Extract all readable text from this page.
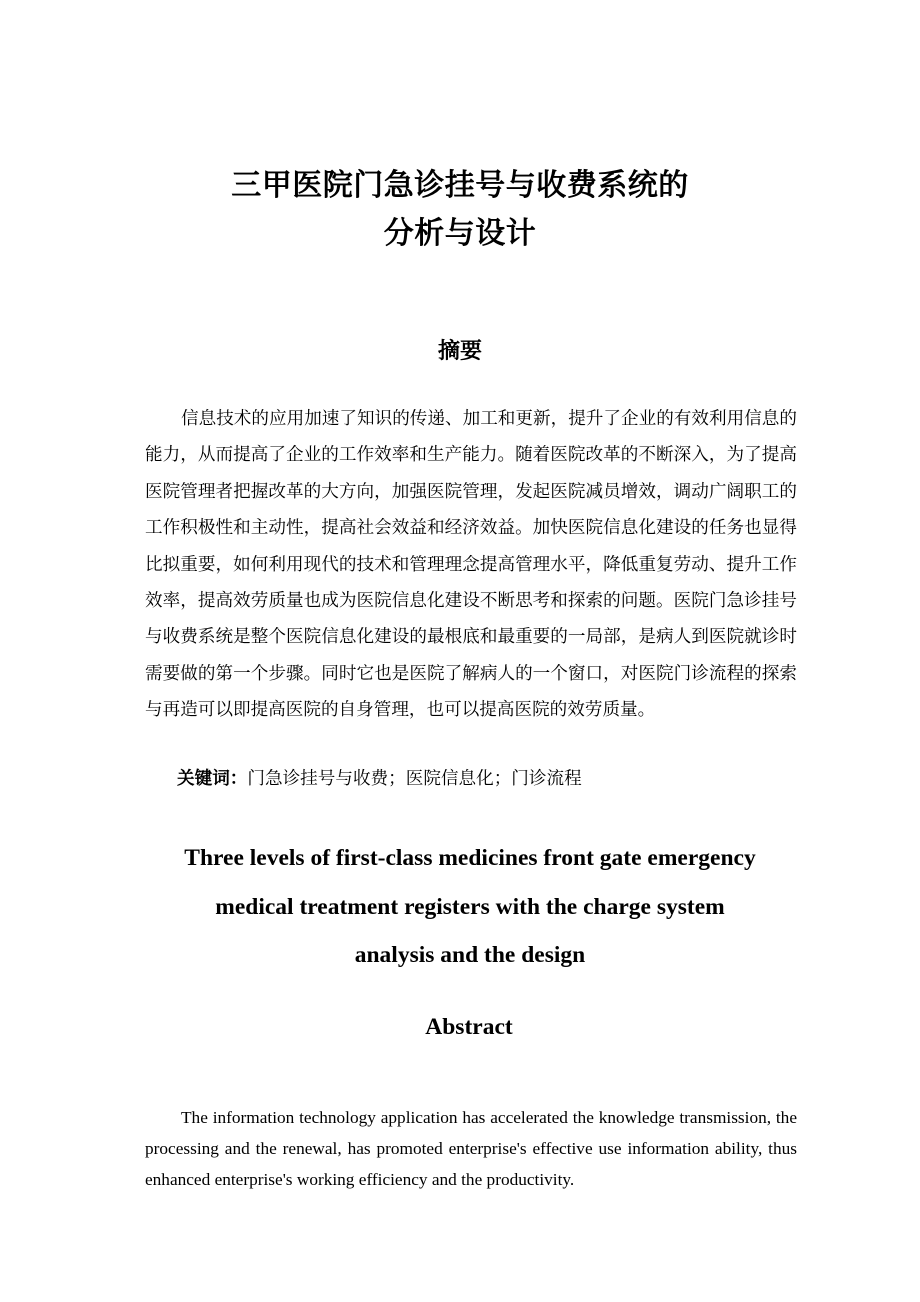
三甲医院门急诊挂号与收费系统的
分析与设计
摘要

信息技术的应用加速了知识的传递、加工和更新，提升了企业的有效利用信息的能力，从而提高了企业的工作效率和生产能力。随着医院改革的不断深入，为了提高医院管理者把握改革的大方向，加强医院管理，发起医院减员增效，调动广阔职工的工作积极性和主动性，提高社会效益和经济效益。加快医院信息化建设的任务也显得比拟重要，如何利用现代的技术和管理理念提高管理水平，降低重复劳动、提升工作效率，提高效劳质量也成为医院信息化建设不断思考和探索的问题。医院门急诊挂号与收费系统是整个医院信息化建设的最根底和最重要的一局部，是病人到医院就诊时需要做的第一个步骤。同时它也是医院了解病人的一个窗口，对医院门诊流程的探索与再造可以即提高医院的自身管理，也可以提高医院的效劳质量。

关键词：门急诊挂号与收费；医院信息化；门诊流程
Three levels of first-class medicines front gate emergency
medical treatment registers with the charge system
analysis and the design
Abstract

The information technology application has accelerated the knowledge transmission, the processing and the renewal, has promoted enterprise's effective use information ability, thus enhanced enterprise's working efficiency and the productivity.
